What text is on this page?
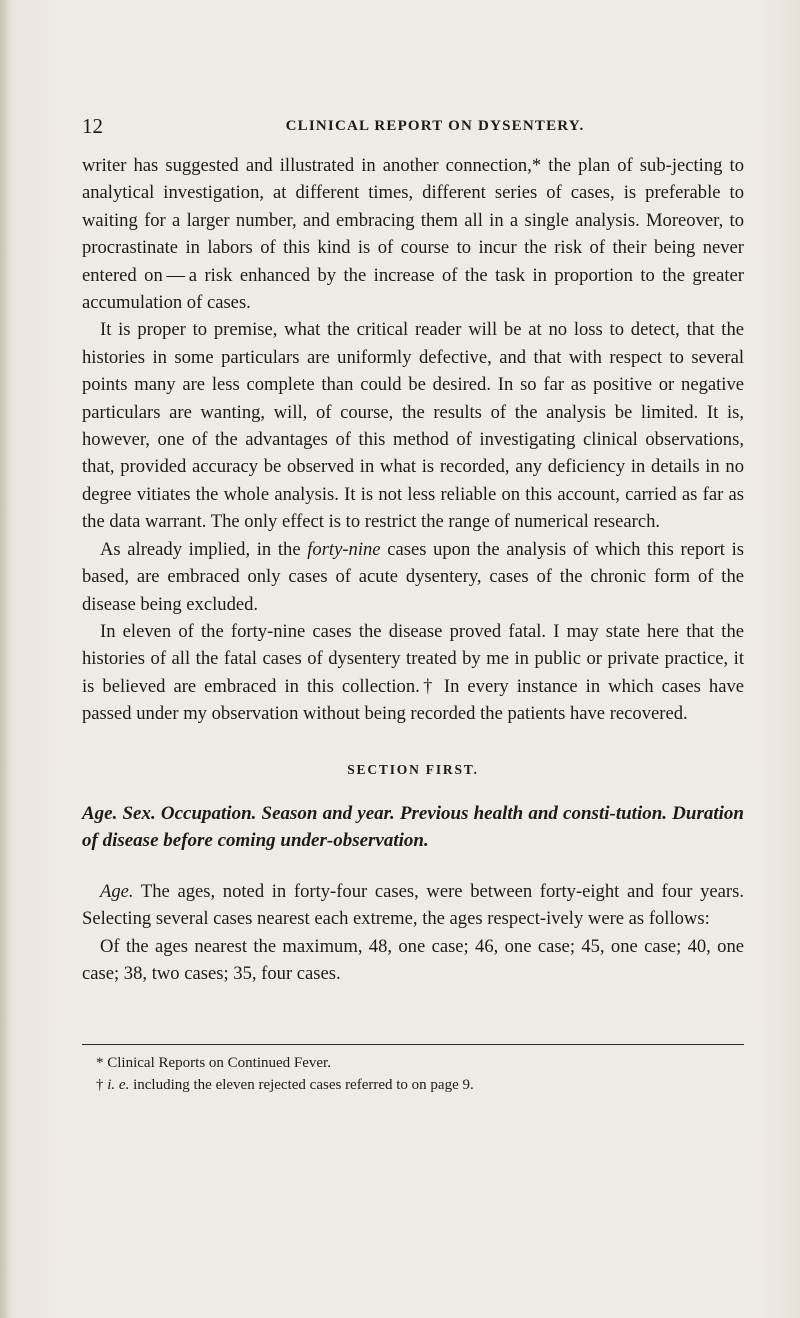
12	CLINICAL REPORT ON DYSENTERY.

writer has suggested and illustrated in another connection,* the plan of sub-jecting to analytical investigation, at different times, different series of cases, is preferable to waiting for a larger number, and embracing them all in a single analysis. Moreover, to procrastinate in labors of this kind is of course to incur the risk of their being never entered on — a risk enhanced by the increase of the task in proportion to the greater accumulation of cases.

It is proper to premise, what the critical reader will be at no loss to detect, that the histories in some particulars are uniformly defective, and that with respect to several points many are less complete than could be desired. In so far as positive or negative particulars are wanting, will, of course, the results of the analysis be limited. It is, however, one of the advantages of this method of investigating clinical observations, that, provided accuracy be observed in what is recorded, any deficiency in details in no degree vitiates the whole analysis. It is not less reliable on this account, carried as far as the data warrant. The only effect is to restrict the range of numerical research.

As already implied, in the forty-nine cases upon the analysis of which this report is based, are embraced only cases of acute dysentery, cases of the chronic form of the disease being excluded.

In eleven of the forty-nine cases the disease proved fatal. I may state here that the histories of all the fatal cases of dysentery treated by me in public or private practice, it is believed are embraced in this collection.† In every instance in which cases have passed under my observation without being recorded the patients have recovered.

SECTION FIRST.
Age. Sex. Occupation. Season and year. Previous health and consti-tution. Duration of disease before coming under-observation.

Age. The ages, noted in forty-four cases, were between forty-eight and four years. Selecting several cases nearest each extreme, the ages respect-ively were as follows:

Of the ages nearest the maximum, 48, one case; 46, one case; 45, one case; 40, one case; 38, two cases; 35, four cases.

* Clinical Reports on Continued Fever.
† i. e. including the eleven rejected cases referred to on page 9.
